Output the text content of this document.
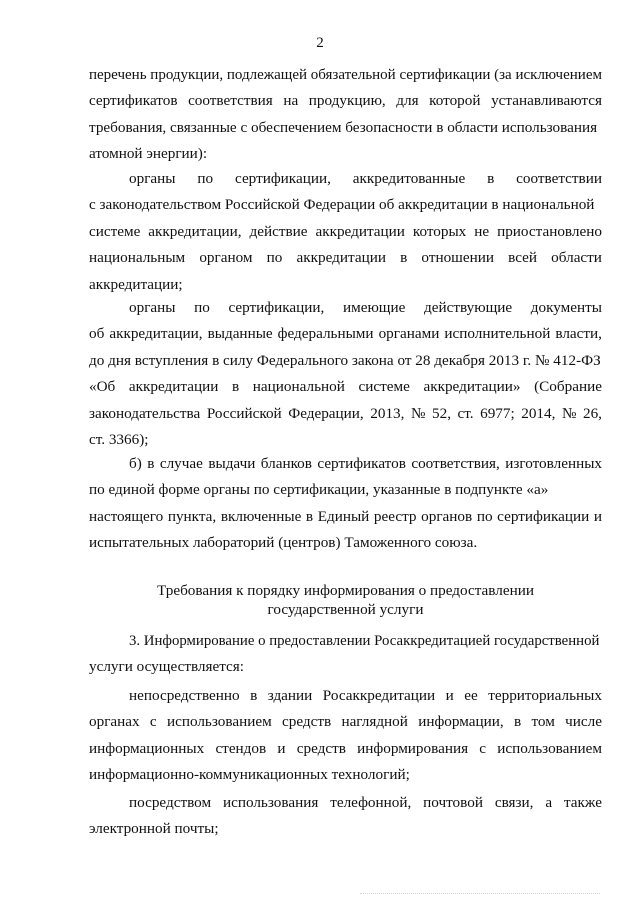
2
перечень продукции, подлежащей обязательной сертификации (за исключением
сертификатов соответствия на продукцию, для которой устанавливаются
требования, связанные с обеспечением безопасности в области использования
атомной энергии):
органы по сертификации, аккредитованные в соответствии
с законодательством Российской Федерации об аккредитации в национальной
системе аккредитации, действие аккредитации которых не приостановлено
национальным органом по аккредитации в отношении всей области
аккредитации;
органы по сертификации, имеющие действующие документы
об аккредитации, выданные федеральными органами исполнительной власти,
до дня вступления в силу Федерального закона от 28 декабря 2013 г. № 412-ФЗ
«Об аккредитации в национальной системе аккредитации» (Собрание
законодательства Российской Федерации, 2013, № 52, ст. 6977; 2014, № 26,
ст. 3366);
б) в случае выдачи бланков сертификатов соответствия, изготовленных
по единой форме органы по сертификации, указанные в подпункте «а»
настоящего пункта, включенные в Единый реестр органов по сертификации и
испытательных лабораторий (центров) Таможенного союза.
Требования к порядку информирования о предоставлении
государственной услуги
3. Информирование о предоставлении Росаккредитацией государственной
услуги осуществляется:
непосредственно в здании Росаккредитации и ее территориальных
органах с использованием средств наглядной информации, в том числе
информационных стендов и средств информирования с использованием
информационно-коммуникационных технологий;
посредством использования телефонной, почтовой связи, а также
электронной почты;
